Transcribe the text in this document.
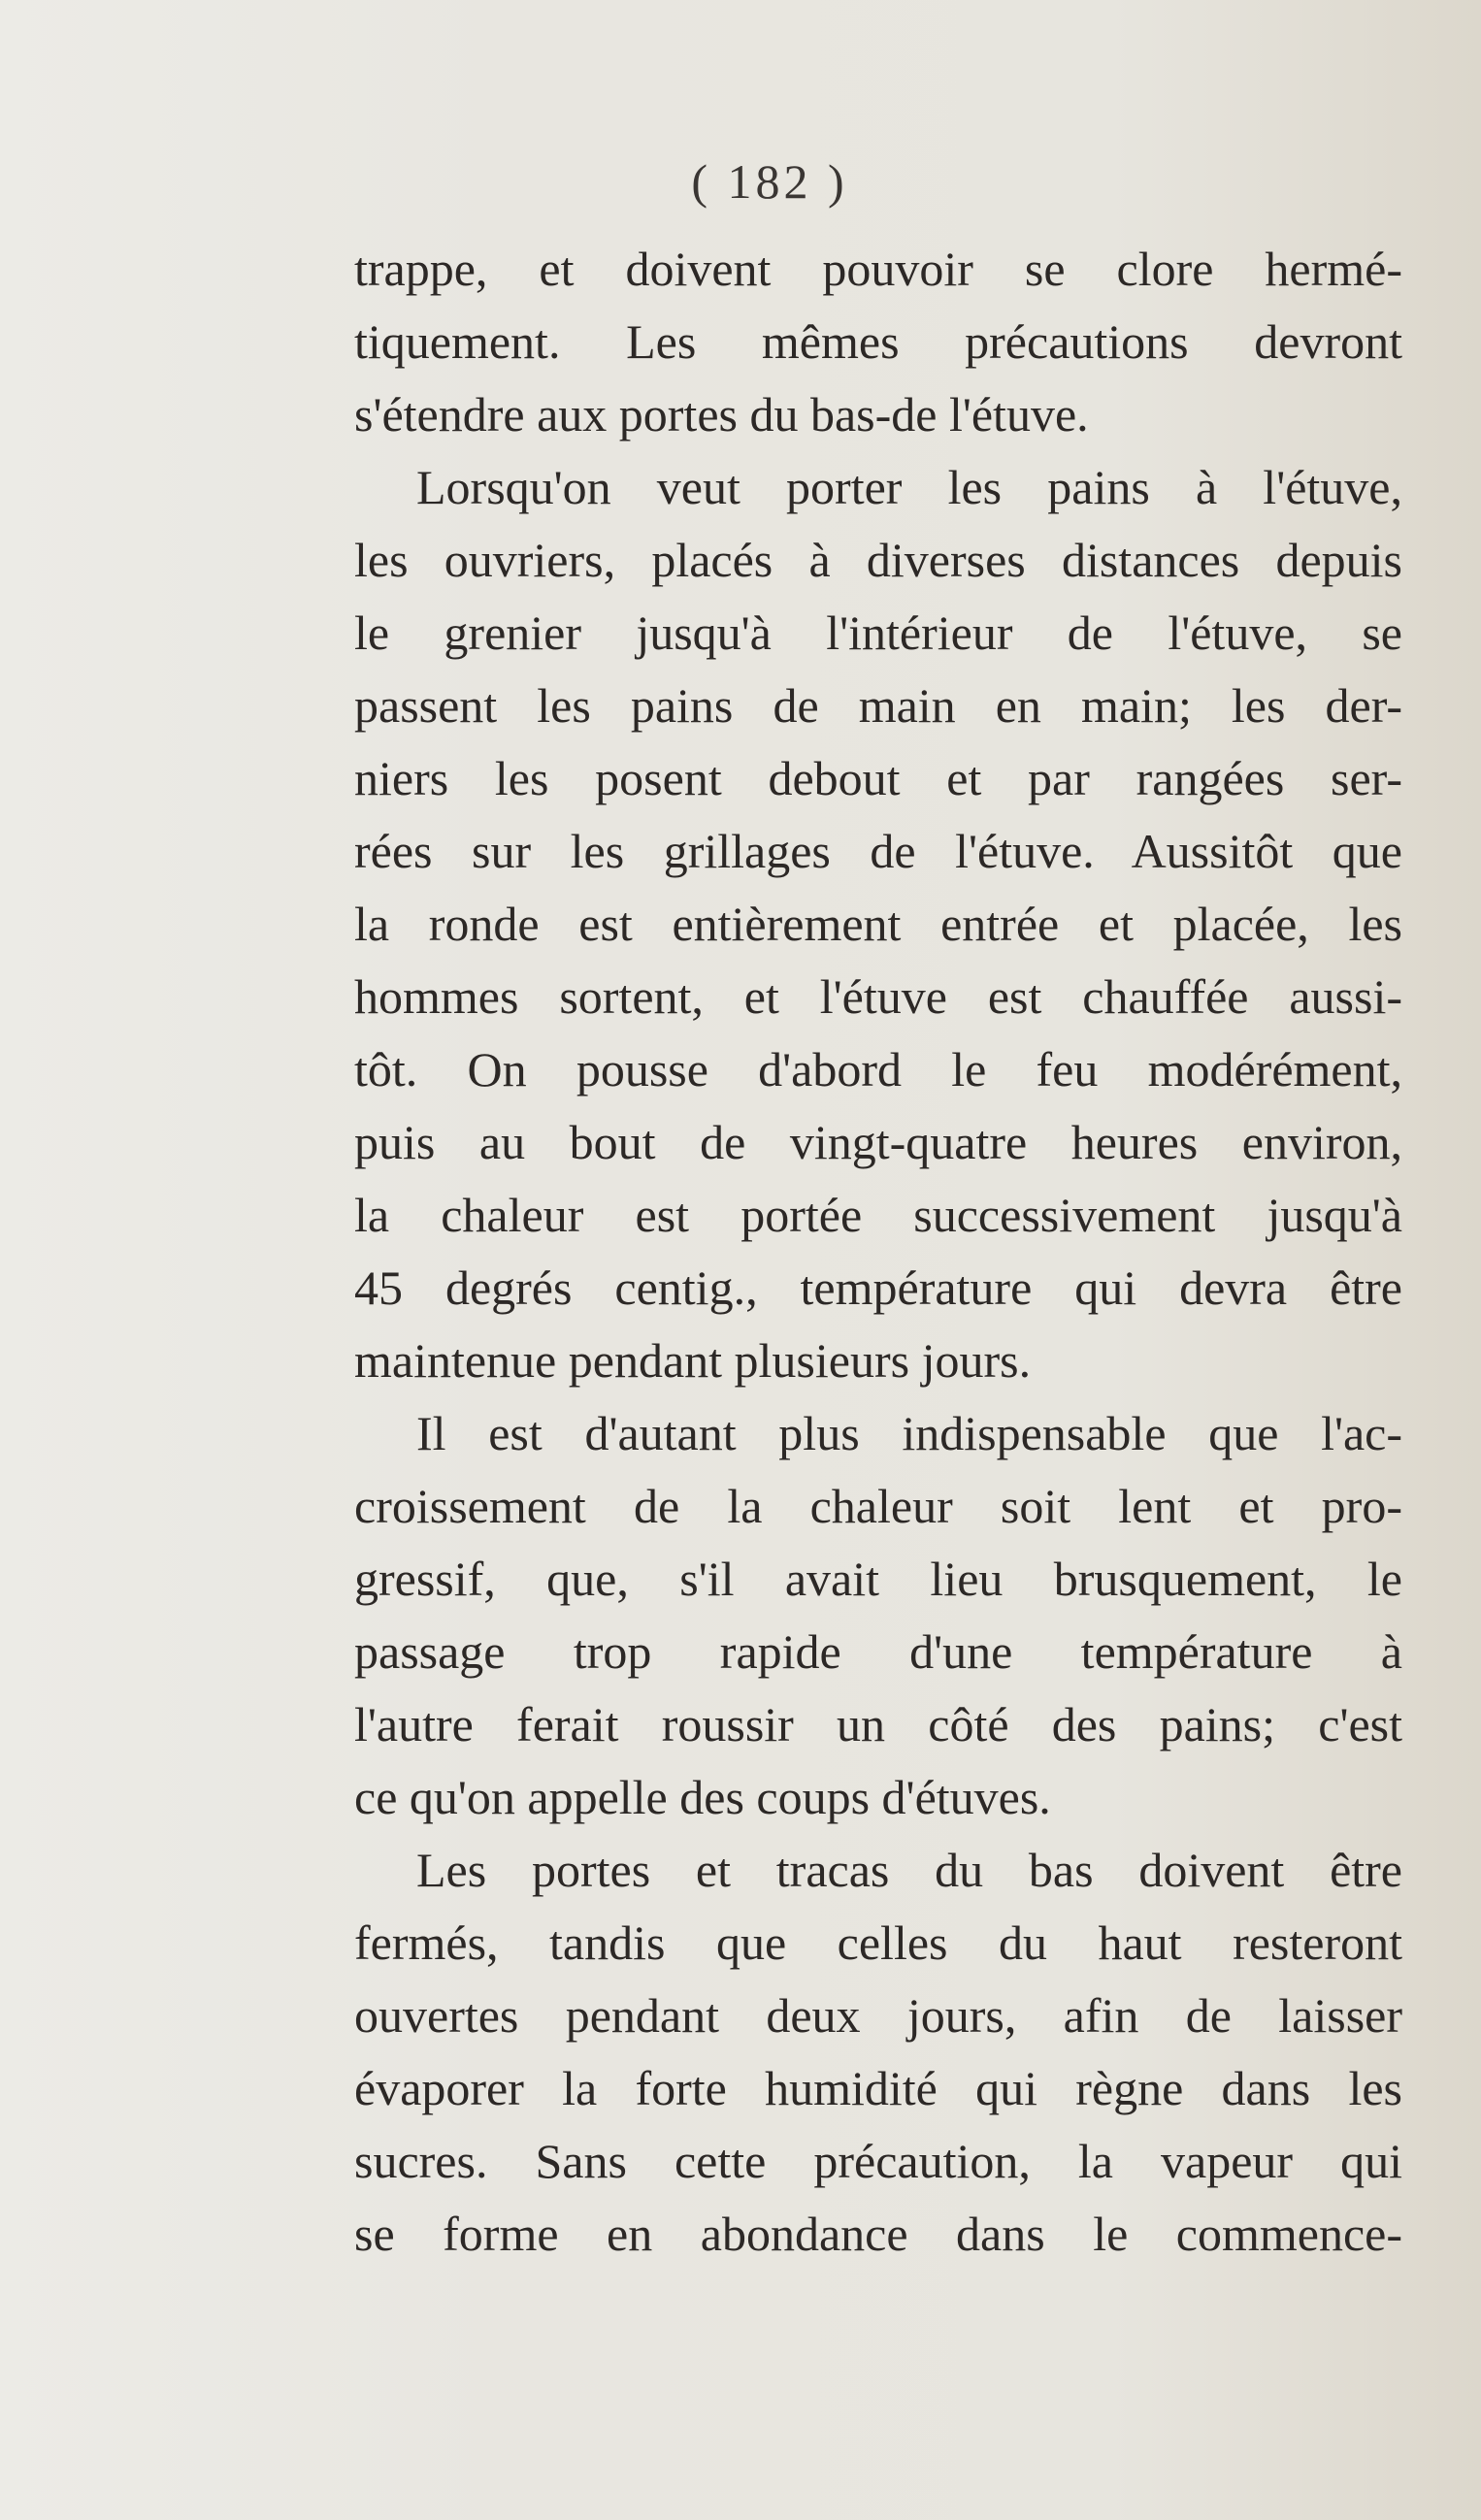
( 182 )
trappe, et doivent pouvoir se clore hermé-
tiquement. Les mêmes précautions devront
s'étendre aux portes du bas-de l'étuve.
Lorsqu'on veut porter les pains à l'étuve,
les ouvriers, placés à diverses distances depuis
le grenier jusqu'à l'intérieur de l'étuve, se
passent les pains de main en main; les der-
niers les posent debout et par rangées ser-
rées sur les grillages de l'étuve. Aussitôt que
la ronde est entièrement entrée et placée, les
hommes sortent, et l'étuve est chauffée aussi-
tôt. On pousse d'abord le feu modérément,
puis au bout de vingt-quatre heures environ,
la chaleur est portée successivement jusqu'à
45 degrés centig., température qui devra être
maintenue pendant plusieurs jours.
Il est d'autant plus indispensable que l'ac-
croissement de la chaleur soit lent et pro-
gressif, que, s'il avait lieu brusquement, le
passage trop rapide d'une température à
l'autre ferait roussir un côté des pains; c'est
ce qu'on appelle des coups d'étuves.
Les portes et tracas du bas doivent être
fermés, tandis que celles du haut resteront
ouvertes pendant deux jours, afin de laisser
évaporer la forte humidité qui règne dans les
sucres. Sans cette précaution, la vapeur qui
se forme en abondance dans le commence-
